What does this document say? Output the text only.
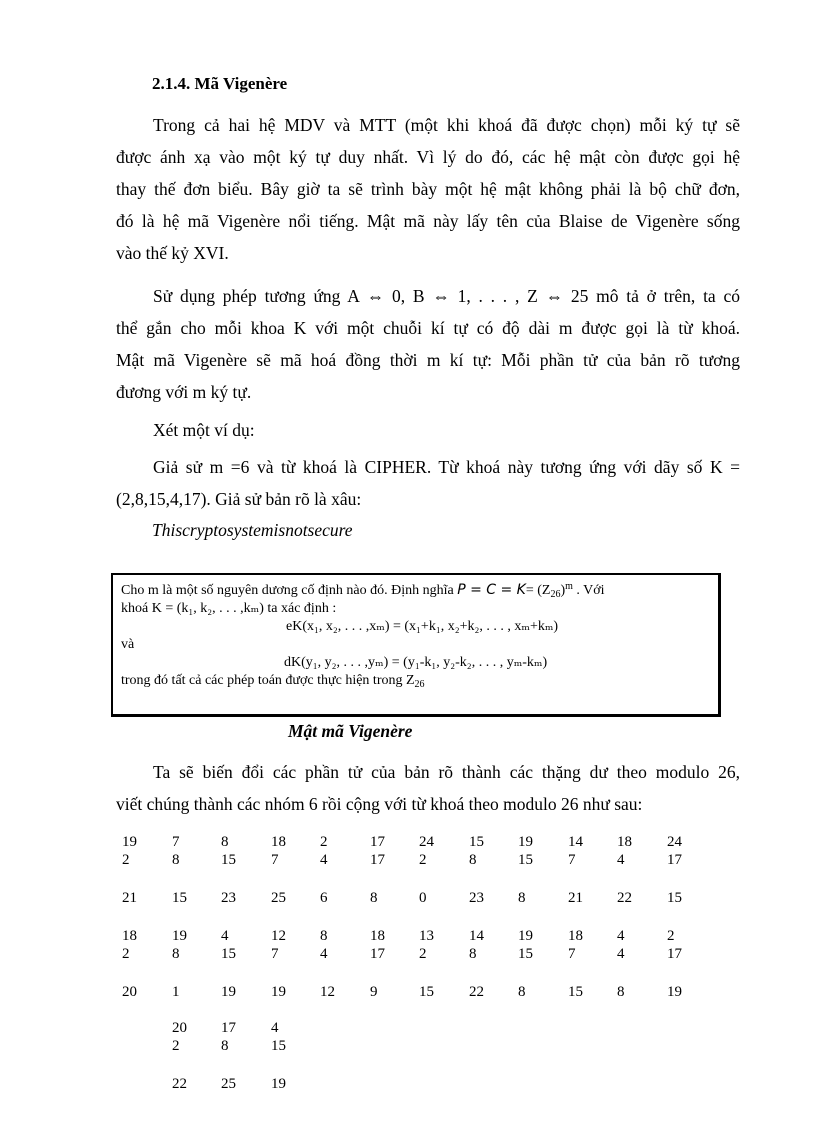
2.1.4. Mã Vigenère
Trong cả hai hệ MDV và MTT (một khi khoá đã được chọn) mỗi ký tự sẽ
được ánh xạ vào một ký tự duy nhất. Vì lý do đó, các hệ mật còn được gọi hệ
thay thế đơn biểu. Bây giờ ta sẽ trình bày một hệ mật không phải là bộ chữ đơn,
đó là hệ mã Vigenère nổi tiếng. Mật mã này lấy tên của Blaise de Vigenère sống
vào thế kỷ XVI.
Sử dụng phép tương ứng A ⇔ 0, B ⇔ 1, . . . , Z ⇔ 25 mô tả ở trên, ta có
thể gắn cho mỗi khoa K với một chuỗi kí tự có độ dài m được gọi là từ khoá.
Mật mã Vigenère sẽ mã hoá đồng thời m kí tự: Mỗi phần tử của bản rõ tương
đương với m ký tự.
Xét một ví dụ:
Giả sử m =6 và từ khoá là CIPHER. Từ khoá này tương ứng với dãy số K =
(2,8,15,4,17). Giả sử bản rõ là xâu:
Thiscryptosystemisnotsecure
Cho m là một số nguyên dương cố định nào đó. Định nghĩa $P = C = K= (Z_{26})^m$ . Với
khoá K = (k₁, k₂, . . . ,kₘ) ta xác định :
eK(x₁, x₂, . . . ,xₘ) = (x₁+k₁, x₂+k₂, . . . , xₘ+kₘ)
và
dK(y₁, y₂, . . . ,yₘ) = (y₁-k₁, y₂-k₂, . . . , yₘ-kₘ)
trong đó tất cả các phép toán được thực hiện trong $Z_{26}$
Mật mã Vigenère
Ta sẽ biến đổi các phần tử của bản rõ thành các thặng dư theo modulo 26,
viết chúng thành các nhóm 6 rồi cộng với từ khoá theo modulo 26 như sau:
19	7	8	18	2	17	24	15	19	14	18	24
2	8	15	7	4	17	2	8	15	7	4	17
21	15	23	25	6	8	0	23	8	21	22	15
18	19	4	12	8	18	13	14	19	18	4	2
2	8	15	7	4	17	2	8	15	7	4	17
20	1	19	19	12	9	15	22	8	15	8	19
20	17	4
2	8	15
22	25	19
